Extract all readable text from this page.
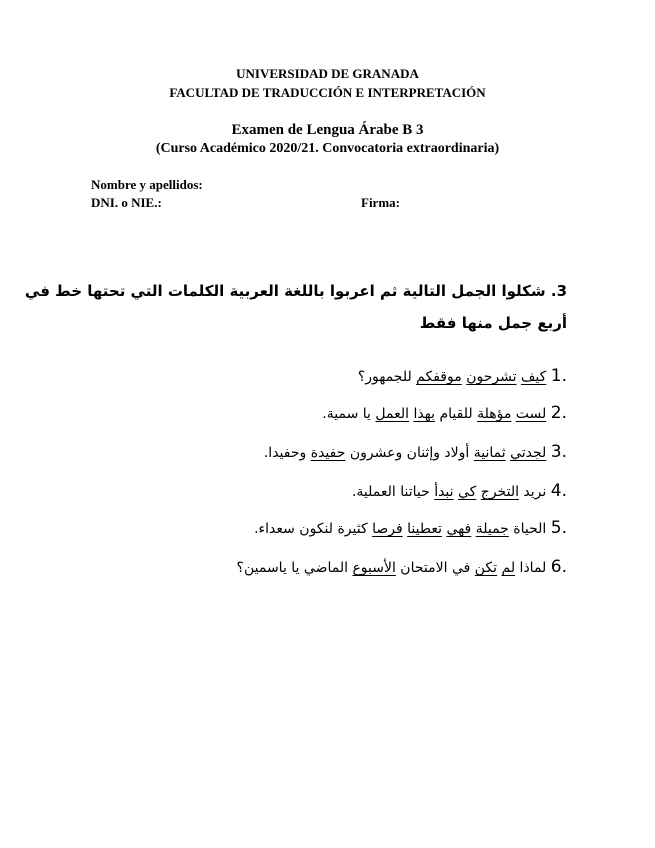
UNIVERSIDAD DE GRANADA
FACULTAD DE TRADUCCIÓN E INTERPRETACIÓN
Examen de Lengua Árabe B 3
(Curso Académico 2020/21. Convocatoria extraordinaria)
Nombre y apellidos:
DNI. o NIE.:	Firma:
3. شكلوا الجمل التالية ثم اعربوا باللغة العربية الكلمات التي تحتها خط في
أربع جمل منها فقط
1. كيف تشرحون موقفكم للجمهور؟
2. لست مؤهلة للقيام بهذا العمل يا سمية.
3. لجدتي ثمانية أولاد وإثنان وعشرون حفيدة وحفيدا.
4. نريد التخرج كي نبدأ حياتنا العملية.
5. الحياة جميلة فهي تعطينا فرصا كثيرة لنكون سعداء.
6. لماذا لم تكن في الامتحان الأسبوع الماضي يا ياسمين؟
